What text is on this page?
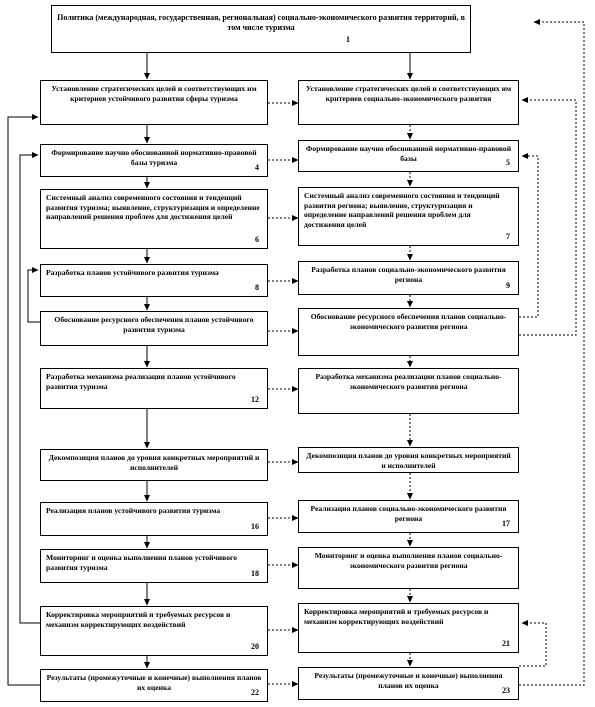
Политика (международная, государственная, региональная) социально-экономического развития территорий, в том числе туризма
1
Установление стратегических целей и соответствующих им критериев устойчивого развития сферы туризма
Установление стратегических целей и соответствующих им критериев социально-экономического развития
Формирование научно обоснованной нормативно-правовой базы туризма
4
Формирование научно обоснованной нормативно-правовой базы	5
Системный анализ современного состояния и тенденций развития туризма; выявление, структуризация и определение направлений решения проблем для достижения целей
6
Системный анализ современного состояния и тенденций развития региона; выявление, структуризация и определение направлений решения проблем для достижения целей
7
Разработка планов устойчивого развития туризма
8
Разработка планов социально-экономического развития региона
9
Обоснование ресурсного обеспечения планов устойчивого развития туризма
Обоснование ресурсного обеспечения планов социально-экономического развития региона
Разработка механизма реализации планов устойчивого развития туризма
12
Разработка механизма реализации планов социально-экономического развития региона
Декомпозиция планов до уровня конкретных мероприятий и исполнителей
Декомпозиция планов до уровня конкретных мероприятий и исполнителей
Реализация планов устойчивого развития туризма
16
Реализация планов социально-экономического развития региона
17
Мониторинг и оценка выполнения планов устойчивого развития туризма
18
Мониторинг и оценка выполнения планов социально-экономического развития региона
Корректировка мероприятий и требуемых ресурсов и механизм корректирующих воздействий
20
Корректировка мероприятий и требуемых ресурсов и механизм корректирующих воздействий
21
Результаты (промежуточные и конечные) выполнения планов их оценка
22
Результаты (промежуточные и конечные) выполнения планов их оценка
23
